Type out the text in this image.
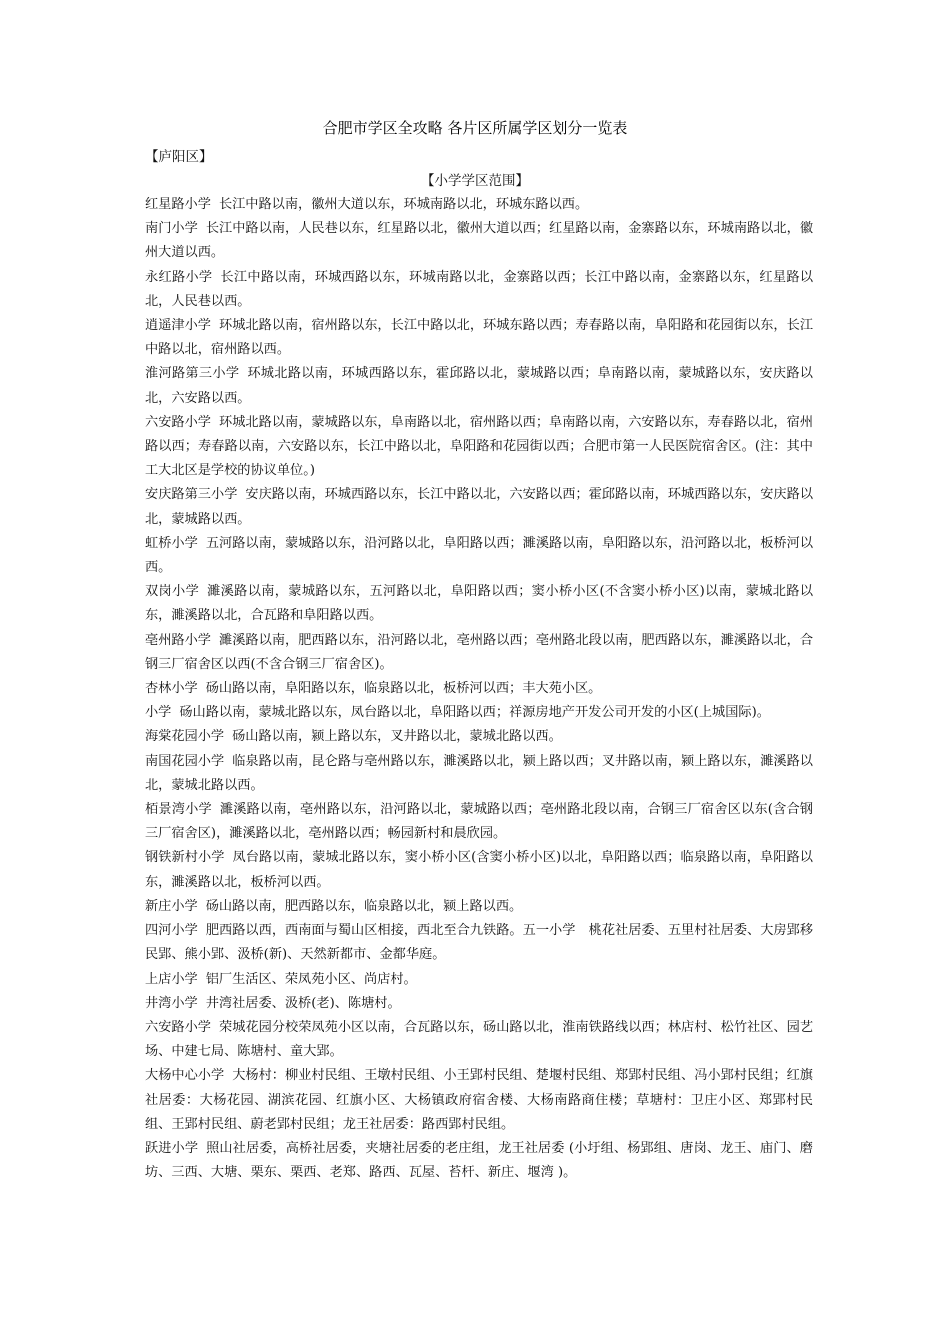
合肥市学区全攻略 各片区所属学区划分一览表
【庐阳区】
【小学学区范围】

红星路小学 长江中路以南，徽州大道以东，环城南路以北，环城东路以西。

南门小学 长江中路以南，人民巷以东，红星路以北，徽州大道以西；红星路以南，金寨路以东，环城南路以北，徽州大道以西。

永红路小学 长江中路以南，环城西路以东，环城南路以北，金寨路以西；长江中路以南，金寨路以东，红星路以北，人民巷以西。

逍遥津小学 环城北路以南，宿州路以东，长江中路以北，环城东路以西；寿春路以南，阜阳路和花园街以东，长江中路以北，宿州路以西。

淮河路第三小学 环城北路以南，环城西路以东，霍邱路以北，蒙城路以西；阜南路以南，蒙城路以东，安庆路以北，六安路以西。

六安路小学 环城北路以南，蒙城路以东，阜南路以北，宿州路以西；阜南路以南，六安路以东，寿春路以北，宿州路以西；寿春路以南，六安路以东，长江中路以北，阜阳路和花园街以西；合肥市第一人民医院宿舍区。(注：其中工大北区是学校的协议单位。)

安庆路第三小学 安庆路以南，环城西路以东，长江中路以北，六安路以西；霍邱路以南，环城西路以东，安庆路以北，蒙城路以西。

虹桥小学 五河路以南，蒙城路以东，沿河路以北，阜阳路以西；濉溪路以南，阜阳路以东，沿河路以北，板桥河以西。

双岗小学 濉溪路以南，蒙城路以东，五河路以北，阜阳路以西；窦小桥小区(不含窦小桥小区)以南，蒙城北路以东，濉溪路以北，合瓦路和阜阳路以西。

亳州路小学 濉溪路以南，肥西路以东，沿河路以北，亳州路以西；亳州路北段以南，肥西路以东，濉溪路以北，合钢三厂宿舍区以西(不含合钢三厂宿舍区)。

杏林小学 砀山路以南，阜阳路以东，临泉路以北，板桥河以西；丰大苑小区。

小学 砀山路以南，蒙城北路以东，凤台路以北，阜阳路以西；祥源房地产开发公司开发的小区(上城国际)。

海棠花园小学 砀山路以南，颍上路以东，叉井路以北，蒙城北路以西。

南国花园小学 临泉路以南，昆仑路与亳州路以东，濉溪路以北，颍上路以西；叉井路以南，颍上路以东，濉溪路以北，蒙城北路以西。

栢景湾小学 濉溪路以南，亳州路以东，沿河路以北，蒙城路以西；亳州路北段以南，合钢三厂宿舍区以东(含合钢三厂宿舍区)，濉溪路以北，亳州路以西；畅园新村和晨欣园。

钢铁新村小学 凤台路以南，蒙城北路以东，窦小桥小区(含窦小桥小区)以北，阜阳路以西；临泉路以南，阜阳路以东，濉溪路以北，板桥河以西。

新庄小学 砀山路以南，肥西路以东，临泉路以北，颍上路以西。

四河小学 肥西路以西，西南面与蜀山区相接，西北至合九铁路。五一小学　桃花社居委、五里村社居委、大房郢移民郢、熊小郢、汲桥(新)、天然新都市、金都华庭。

上店小学 铝厂生活区、荣凤苑小区、尚店村。

井湾小学 井湾社居委、汲桥(老)、陈塘村。

六安路小学 荣城花园分校荣凤苑小区以南，合瓦路以东，砀山路以北，淮南铁路线以西；林店村、松竹社区、园艺场、中建七局、陈塘村、童大郢。

大杨中心小学 大杨村：柳业村民组、王墩村民组、小王郢村民组、楚堰村民组、郑郢村民组、冯小郢村民组；红旗社居委：大杨花园、湖滨花园、红旗小区、大杨镇政府宿舍楼、大杨南路商住楼；草塘村：卫庄小区、郑郢村民组、王郢村民组、蔚老郢村民组；龙王社居委：路西郢村民组。

跃进小学 照山社居委，高桥社居委，夹塘社居委的老庄组，龙王社居委 (小圩组、杨郢组、唐岗、龙王、庙门、磨坊、三西、大塘、栗东、栗西、老郑、路西、瓦屋、苔杆、新庄、堰湾 )。
